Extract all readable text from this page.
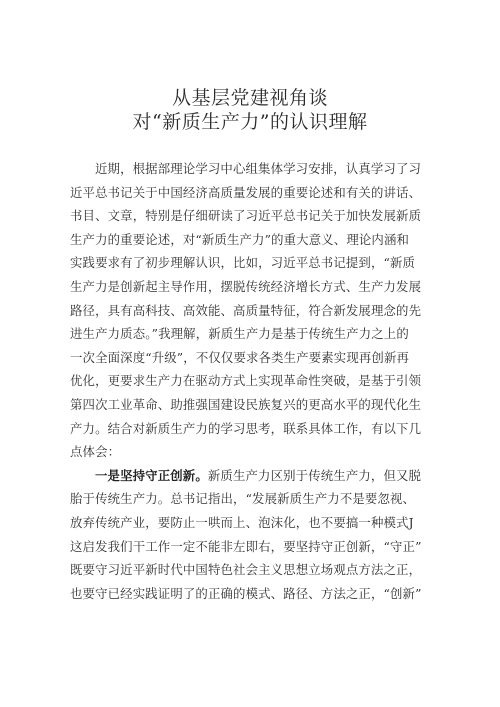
从基层党建视角谈
对“新质生产力”的认识理解
近期，根据部理论学习中心组集体学习安排，认真学习了习
近平总书记关于中国经济高质量发展的重要论述和有关的讲话、
书目、文章，特别是仔细研读了习近平总书记关于加快发展新质
生产力的重要论述，对“新质生产力”的重大意义、理论内涵和
实践要求有了初步理解认识，比如，习近平总书记提到，“新质
生产力是创新起主导作用，摆脱传统经济增长方式、生产力发展
路径，具有高科技、高效能、高质量特征，符合新发展理念的先
进生产力质态。”我理解，新质生产力是基于传统生产力之上的
一次全面深度“升级”，不仅仅要求各类生产要素实现再创新再
优化，更要求生产力在驱动方式上实现革命性突破，是基于引领
第四次工业革命、助推强国建设民族复兴的更高水平的现代化生
产力。结合对新质生产力的学习思考，联系具体工作，有以下几
点体会：
一是坚持守正创新。新质生产力区别于传统生产力，但又脱
胎于传统生产力。总书记指出，“发展新质生产力不是要忽视、
放弃传统产业，要防止一哄而上、泡沫化，也不要搞一种模式J
这启发我们干工作一定不能非左即右，要坚持守正创新，“守正”
既要守习近平新时代中国特色社会主义思想立场观点方法之正，
也要守已经实践证明了的正确的模式、路径、方法之正，“创新”
